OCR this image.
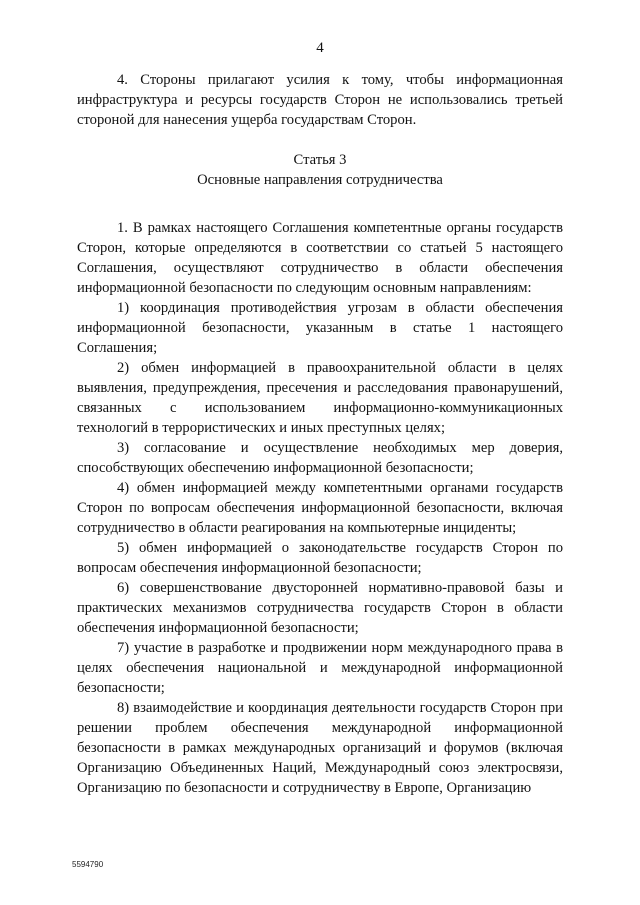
4

4. Стороны прилагают усилия к тому, чтобы информационная инфраструктура и ресурсы государств Сторон не использовались третьей стороной для нанесения ущерба государствам Сторон.

Статья 3

Основные направления сотрудничества

1. В рамках настоящего Соглашения компетентные органы государств Сторон, которые определяются в соответствии со статьей 5 настоящего Соглашения, осуществляют сотрудничество в области обеспечения информационной безопасности по следующим основным направлениям:

1) координация противодействия угрозам в области обеспечения информационной безопасности, указанным в статье 1 настоящего Соглашения;

2) обмен информацией в правоохранительной области в целях выявления, предупреждения, пресечения и расследования правонарушений, связанных с использованием информационно-коммуникационных технологий в террористических и иных преступных целях;

3) согласование и осуществление необходимых мер доверия, способствующих обеспечению информационной безопасности;

4) обмен информацией между компетентными органами государств Сторон по вопросам обеспечения информационной безопасности, включая сотрудничество в области реагирования на компьютерные инциденты;

5) обмен информацией о законодательстве государств Сторон по вопросам обеспечения информационной безопасности;

6) совершенствование двусторонней нормативно-правовой базы и практических механизмов сотрудничества государств Сторон в области обеспечения информационной безопасности;

7) участие в разработке и продвижении норм международного права в целях обеспечения национальной и международной информационной безопасности;

8) взаимодействие и координация деятельности государств Сторон при решении проблем обеспечения международной информационной безопасности в рамках международных организаций и форумов (включая Организацию Объединенных Наций, Международный союз электросвязи, Организацию по безопасности и сотрудничеству в Европе, Организацию

5594790
